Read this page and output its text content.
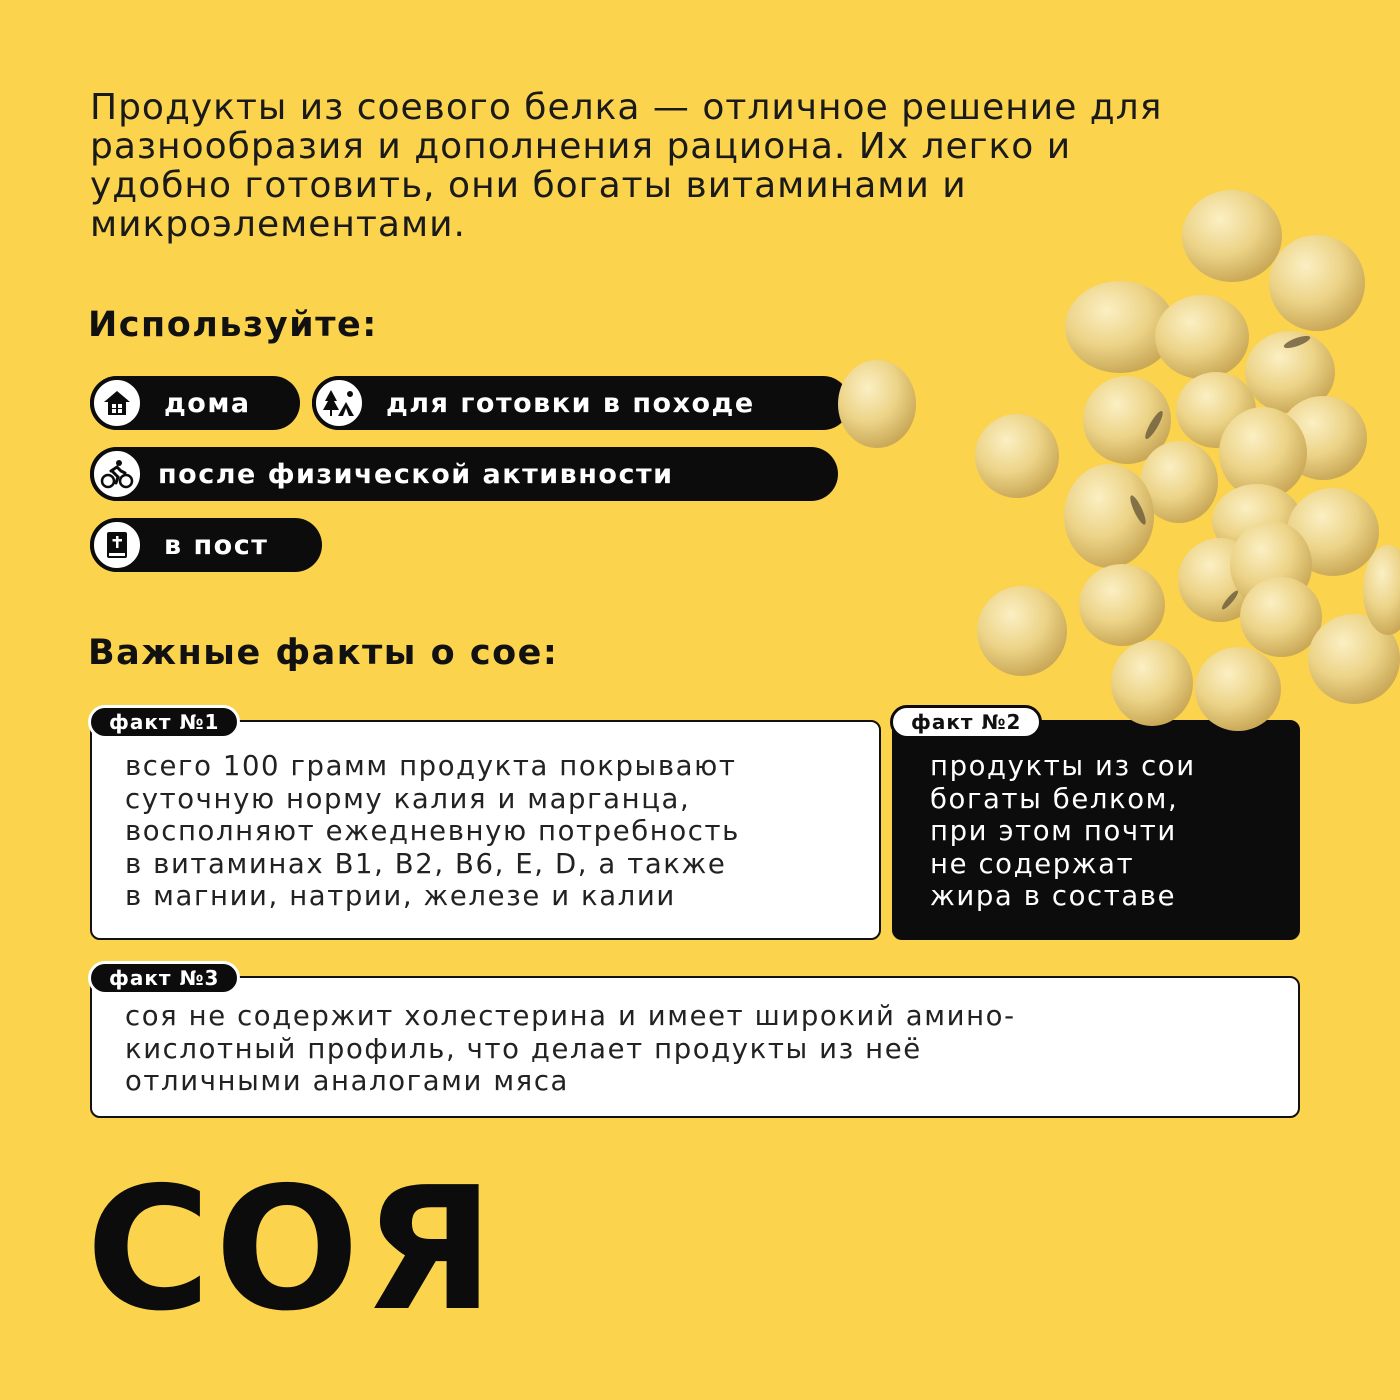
Продукты из соевого белка — отличное решение для разнообразия и дополнения рациона. Их легко и удобно готовить, они богаты витаминами и микроэлементами.

Используйте:
дома	для готовки в походе
после физической активности
в пост
Важные факты о сое:
факт №1

всего 100 грамм продукта покрывают
суточную норму калия и марганца,
восполняют ежедневную потребность
в витаминах B1, B2, B6, E, D, а также
в магнии, натрии, железе и калии

факт №2

продукты из сои
богаты белком,
при этом почти
не содержат
жира в составе

факт №3

соя не содержит холестерина и имеет широкий амино-
кислотный профиль, что делает продукты из неё
отличными аналогами мяса

СОЯ
